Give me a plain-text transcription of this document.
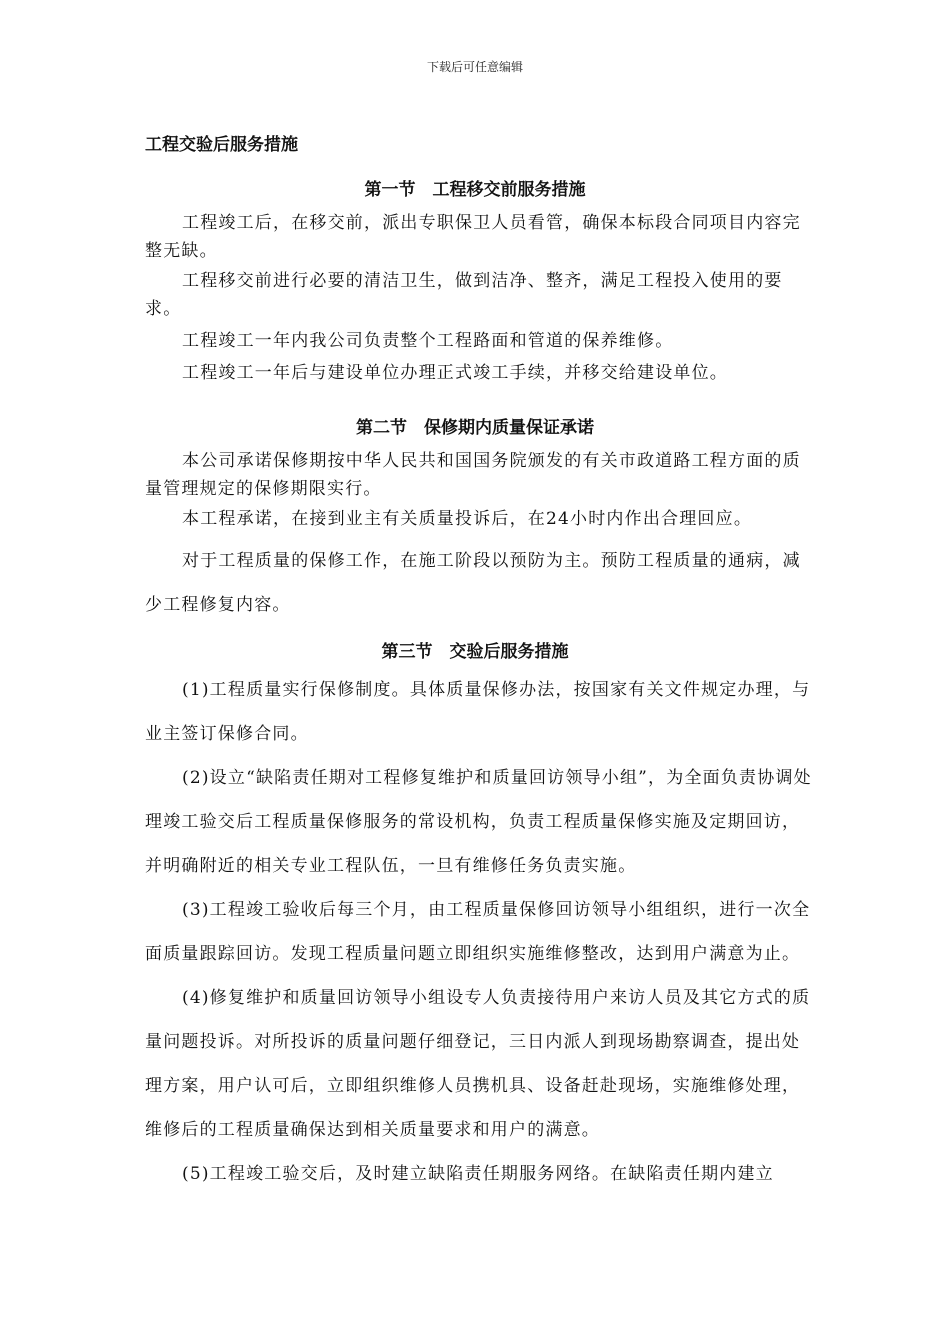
下载后可任意编辑
工程交验后服务措施
第一节　工程移交前服务措施

工程竣工后，在移交前，派出专职保卫人员看管，确保本标段合同项目内容完整无缺。

工程移交前进行必要的清洁卫生，做到洁净、整齐，满足工程投入使用的要求。

工程竣工一年内我公司负责整个工程路面和管道的保养维修。

工程竣工一年后与建设单位办理正式竣工手续，并移交给建设单位。

第二节　保修期内质量保证承诺

本公司承诺保修期按中华人民共和国国务院颁发的有关市政道路工程方面的质量管理规定的保修期限实行。

本工程承诺，在接到业主有关质量投诉后，在24小时内作出合理回应。

对于工程质量的保修工作，在施工阶段以预防为主。预防工程质量的通病，减少工程修复内容。

第三节　交验后服务措施

(1)工程质量实行保修制度。具体质量保修办法，按国家有关文件规定办理，与业主签订保修合同。

(2)设立“缺陷责任期对工程修复维护和质量回访领导小组”，为全面负责协调处理竣工验交后工程质量保修服务的常设机构，负责工程质量保修实施及定期回访，并明确附近的相关专业工程队伍，一旦有维修任务负责实施。

(3)工程竣工验收后每三个月，由工程质量保修回访领导小组组织，进行一次全面质量跟踪回访。发现工程质量问题立即组织实施维修整改，达到用户满意为止。

(4)修复维护和质量回访领导小组设专人负责接待用户来访人员及其它方式的质量问题投诉。对所投诉的质量问题仔细登记，三日内派人到现场勘察调查，提出处理方案，用户认可后，立即组织维修人员携机具、设备赶赴现场，实施维修处理，维修后的工程质量确保达到相关质量要求和用户的满意。

(5)工程竣工验交后，及时建立缺陷责任期服务网络。在缺陷责任期内建立
